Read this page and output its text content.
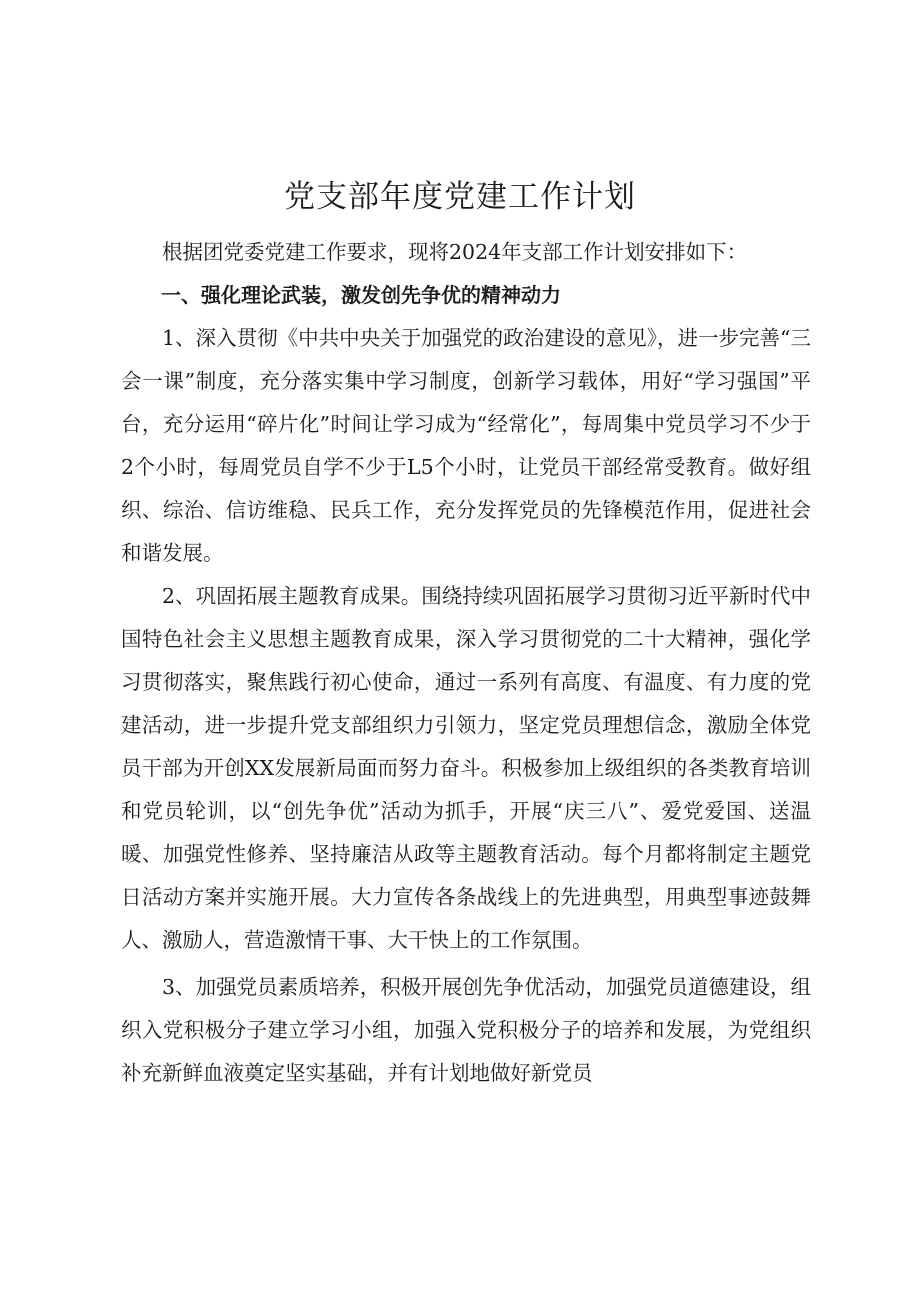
党支部年度党建工作计划

根据团党委党建工作要求，现将2024年支部工作计划安排如下：

一、强化理论武装，激发创先争优的精神动力

1、深入贯彻《中共中央关于加强党的政治建设的意见》，进一步完善“三会一课”制度，充分落实集中学习制度，创新学习载体，用好“学习强国”平台，充分运用“碎片化”时间让学习成为“经常化”，每周集中党员学习不少于2个小时，每周党员自学不少于L5个小时，让党员干部经常受教育。做好组织、综治、信访维稳、民兵工作，充分发挥党员的先锋模范作用，促进社会和谐发展。

2、巩固拓展主题教育成果。围绕持续巩固拓展学习贯彻习近平新时代中国特色社会主义思想主题教育成果，深入学习贯彻党的二十大精神，强化学习贯彻落实，聚焦践行初心使命，通过一系列有高度、有温度、有力度的党建活动，进一步提升党支部组织力引领力，坚定党员理想信念，激励全体党员干部为开创XX发展新局面而努力奋斗。积极参加上级组织的各类教育培训和党员轮训，以“创先争优”活动为抓手，开展“庆三八”、爱党爱国、送温暖、加强党性修养、坚持廉洁从政等主题教育活动。每个月都将制定主题党日活动方案并实施开展。大力宣传各条战线上的先进典型，用典型事迹鼓舞人、激励人，营造激情干事、大干快上的工作氛围。

3、加强党员素质培养，积极开展创先争优活动，加强党员道德建设，组织入党积极分子建立学习小组，加强入党积极分子的培养和发展，为党组织补充新鲜血液奠定坚实基础，并有计划地做好新党员
